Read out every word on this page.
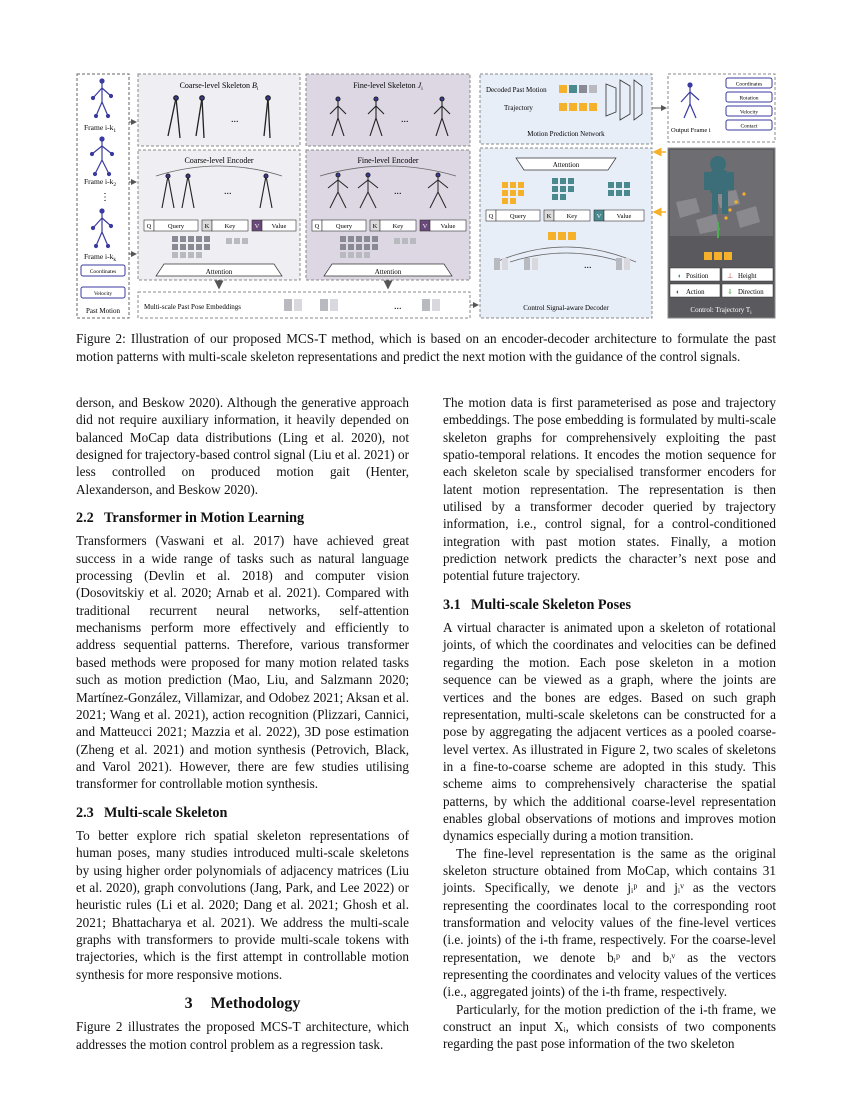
Frame $i-k_1$
Frame $i-k_2$
⋮
Frame $i-k_k$
Coordinates
Velocity
Past Motion
Coarse-level Skeleton $B_i$
...
Fine-level Skeleton $J_i$
...
Coarse-level Encoder
...
Q	Query	K Key	V Value
Attention
Fine-level Encoder
...
Q	Query	K Key	V Value
Attention
Multi-scale Past Pose Embeddings	...
Decoded Past Motion
Trajectory
Motion Prediction Network	Output Frame i
Coordinates
Rotation
Velocity
Contact
Attention
Q	Query	K Key	V Value
...
Control Signal-aware Decoder
◖ Position	⊥ Height
◐ Action	⇓ Direction
Control: Trajectory $T_i$
Figure 2: Illustration of our proposed MCS-T method, which is based on an encoder-decoder architecture to formulate the past motion patterns with multi-scale skeleton representations and predict the next motion with the guidance of the control signals.

derson, and Beskow 2020). Although the generative approach did not require auxiliary information, it heavily depended on balanced MoCap data distributions (Ling et al. 2020), not designed for trajectory-based control signal (Liu et al. 2021) or less controlled on produced motion gait (Henter, Alexanderson, and Beskow 2020).

2.2 Transformer in Motion Learning

Transformers (Vaswani et al. 2017) have achieved great success in a wide range of tasks such as natural language processing (Devlin et al. 2018) and computer vision (Dosovitskiy et al. 2020; Arnab et al. 2021). Compared with traditional recurrent neural networks, self-attention mechanisms perform more effectively and efficiently to address sequential patterns. Therefore, various transformer based methods were proposed for many motion related tasks such as motion prediction (Mao, Liu, and Salzmann 2020; Martínez-González, Villamizar, and Odobez 2021; Aksan et al. 2021; Wang et al. 2021), action recognition (Plizzari, Cannici, and Matteucci 2021; Mazzia et al. 2022), 3D pose estimation (Zheng et al. 2021) and motion synthesis (Petrovich, Black, and Varol 2021). However, there are few studies utilising transformer for controllable motion synthesis.

2.3 Multi-scale Skeleton

To better explore rich spatial skeleton representations of human poses, many studies introduced multi-scale skeletons by using higher order polynomials of adjacency matrices (Liu et al. 2020), graph convolutions (Jang, Park, and Lee 2022) or heuristic rules (Li et al. 2020; Dang et al. 2021; Ghosh et al. 2021; Bhattacharya et al. 2021). We address the multi-scale graphs with transformers to provide multi-scale tokens with trajectories, which is the first attempt in controllable motion synthesis for more responsive motions.

3 Methodology

Figure 2 illustrates the proposed MCS-T architecture, which addresses the motion control problem as a regression task.

The motion data is first parameterised as pose and trajectory embeddings. The pose embedding is formulated by multi-scale skeleton graphs for comprehensively exploiting the past spatio-temporal relations. It encodes the motion sequence for each skeleton scale by specialised transformer encoders for latent motion representation. The representation is then utilised by a transformer decoder queried by trajectory information, i.e., control signal, for a control-conditioned integration with past motion states. Finally, a motion prediction network predicts the character’s next pose and potential future trajectory.

3.1 Multi-scale Skeleton Poses

A virtual character is animated upon a skeleton of rotational joints, of which the coordinates and velocities can be defined regarding the motion. Each pose skeleton in a motion sequence can be viewed as a graph, where the joints are vertices and the bones are edges. Based on such graph representation, multi-scale skeletons can be constructed for a pose by aggregating the adjacent vertices as a pooled coarse-level vertex. As illustrated in Figure 2, two scales of skeletons in a fine-to-coarse scheme are adopted in this study. This scheme aims to comprehensively characterise the spatial patterns, by which the additional coarse-level representation enables global observations of motions and improves motion dynamics especially during a motion transition.

The fine-level representation is the same as the original skeleton structure obtained from MoCap, which contains 31 joints. Specifically, we denote jᵢᵖ and jᵢᵛ as the vectors representing the coordinates local to the corresponding root transformation and velocity values of the fine-level vertices (i.e. joints) of the i-th frame, respectively. For the coarse-level representation, we denote bᵢᵖ and bᵢᵛ as the vectors representing the coordinates and velocity values of the vertices (i.e., aggregated joints) of the i-th frame, respectively.

Particularly, for the motion prediction of the i-th frame, we construct an input Xᵢ, which consists of two components regarding the past pose information of the two skeleton
